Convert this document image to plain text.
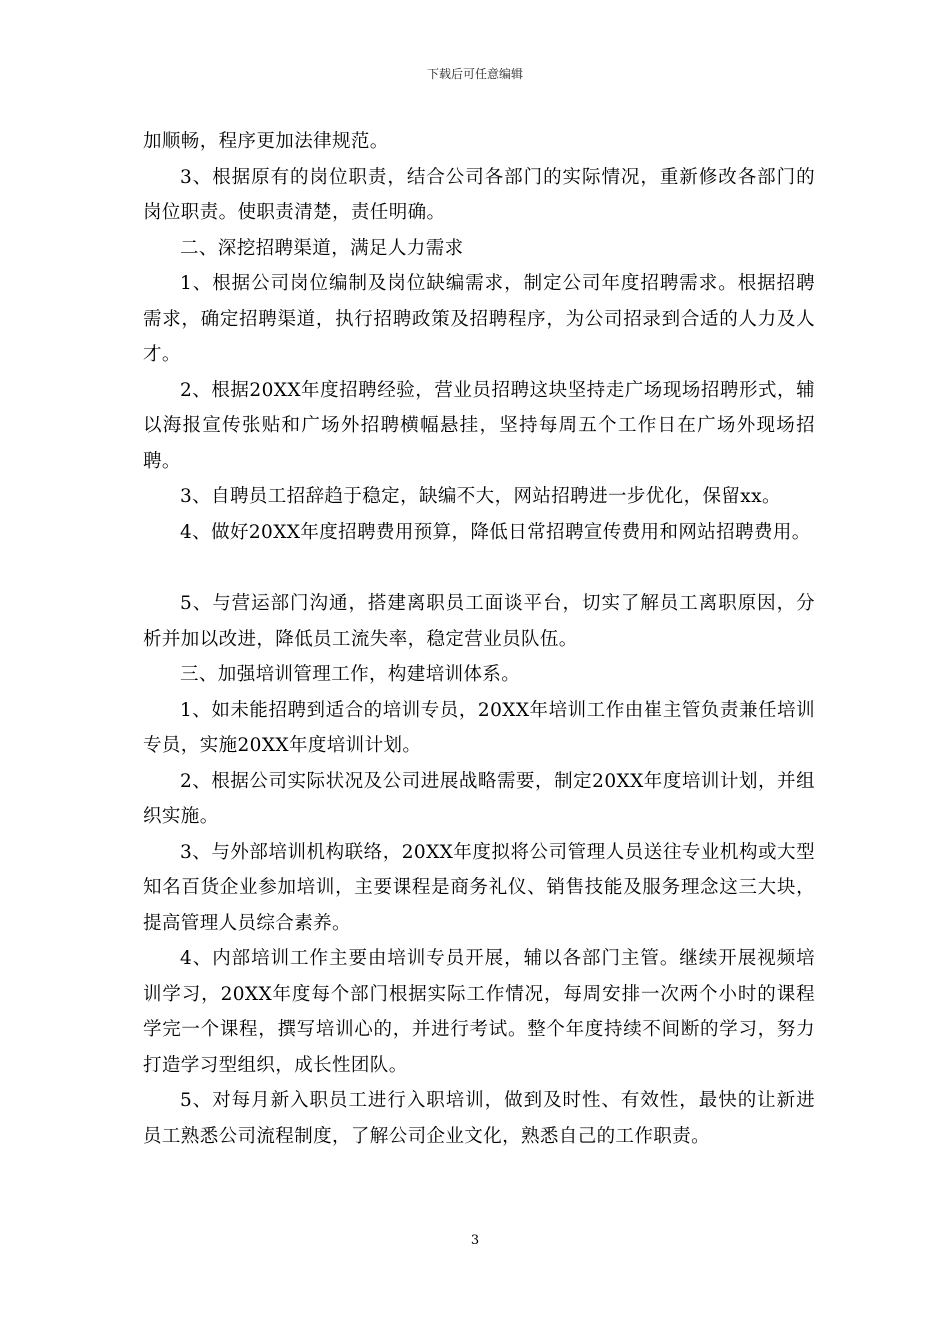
下载后可任意编辑

加顺畅，程序更加法律规范。

3、根据原有的岗位职责，结合公司各部门的实际情况，重新修改各部门的岗位职责。使职责清楚，责任明确。

二、深挖招聘渠道，满足人力需求

1、根据公司岗位编制及岗位缺编需求，制定公司年度招聘需求。根据招聘需求，确定招聘渠道，执行招聘政策及招聘程序，为公司招录到合适的人力及人才。

2、根据20XX年度招聘经验，营业员招聘这块坚持走广场现场招聘形式，辅以海报宣传张贴和广场外招聘横幅悬挂，坚持每周五个工作日在广场外现场招聘。

3、自聘员工招辞趋于稳定，缺编不大，网站招聘进一步优化，保留xx。

4、做好20XX年度招聘费用预算，降低日常招聘宣传费用和网站招聘费用。

5、与营运部门沟通，搭建离职员工面谈平台，切实了解员工离职原因，分析并加以改进，降低员工流失率，稳定营业员队伍。

三、加强培训管理工作，构建培训体系。

1、如未能招聘到适合的培训专员，20XX年培训工作由崔主管负责兼任培训专员，实施20XX年度培训计划。

2、根据公司实际状况及公司进展战略需要，制定20XX年度培训计划，并组织实施。

3、与外部培训机构联络，20XX年度拟将公司管理人员送往专业机构或大型知名百货企业参加培训，主要课程是商务礼仪、销售技能及服务理念这三大块，提高管理人员综合素养。

4、内部培训工作主要由培训专员开展，辅以各部门主管。继续开展视频培训学习，20XX年度每个部门根据实际工作情况，每周安排一次两个小时的课程学完一个课程，撰写培训心的，并进行考试。整个年度持续不间断的学习，努力打造学习型组织，成长性团队。

5、对每月新入职员工进行入职培训，做到及时性、有效性，最快的让新进员工熟悉公司流程制度，了解公司企业文化，熟悉自己的工作职责。

3
